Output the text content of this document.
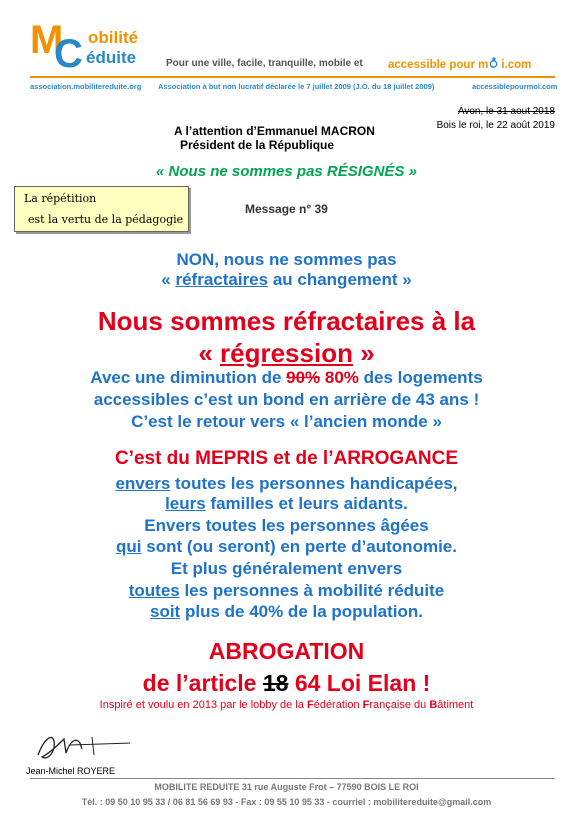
M
C obilité
éduite	Pour une ville, facile, tranquille, mobile et accessible pour m i.com
association.mobilitereduite.org Association à but non lucratif déclarée le 7 juillet 2009 (J.O. du 18 juillet 2009)	accessiblepourmoi.com
Avon, le 31 aout 2018
Bois le roi, le 22 août 2019
A l’attention d’Emmanuel MACRON
Président de la République
« Nous ne sommes pas RÉSIGNÉS »
La répétition
est la vertu de la pédagogie
Message n° 39
NON, nous ne sommes pas
« réfractaires au changement »
Nous sommes réfractaires à la
« régression »
Avec une diminution de 90% 80% des logements
accessibles c’est un bond en arrière de 43 ans !
C’est le retour vers « l’ancien monde »
C’est du MEPRIS et de l’ARROGANCE
envers toutes les personnes handicapées,
leurs familles et leurs aidants.
Envers toutes les personnes âgées
qui sont (ou seront) en perte d’autonomie.
Et plus généralement envers
toutes les personnes à mobilité réduite
soit plus de 40% de la population.
ABROGATION
de l’article 18 64 Loi Elan !
Inspiré et voulu en 2013 par le lobby de la Fédération Française du Bâtiment
Jean-Michel ROYERE
MOBILITE REDUITE 31 rue Auguste Frot – 77590 BOIS LE ROI
Tél. : 09 50 10 95 33 / 06 81 56 69 93 - Fax : 09 55 10 95 33 - courriel : mobilitereduite@gmail.com
